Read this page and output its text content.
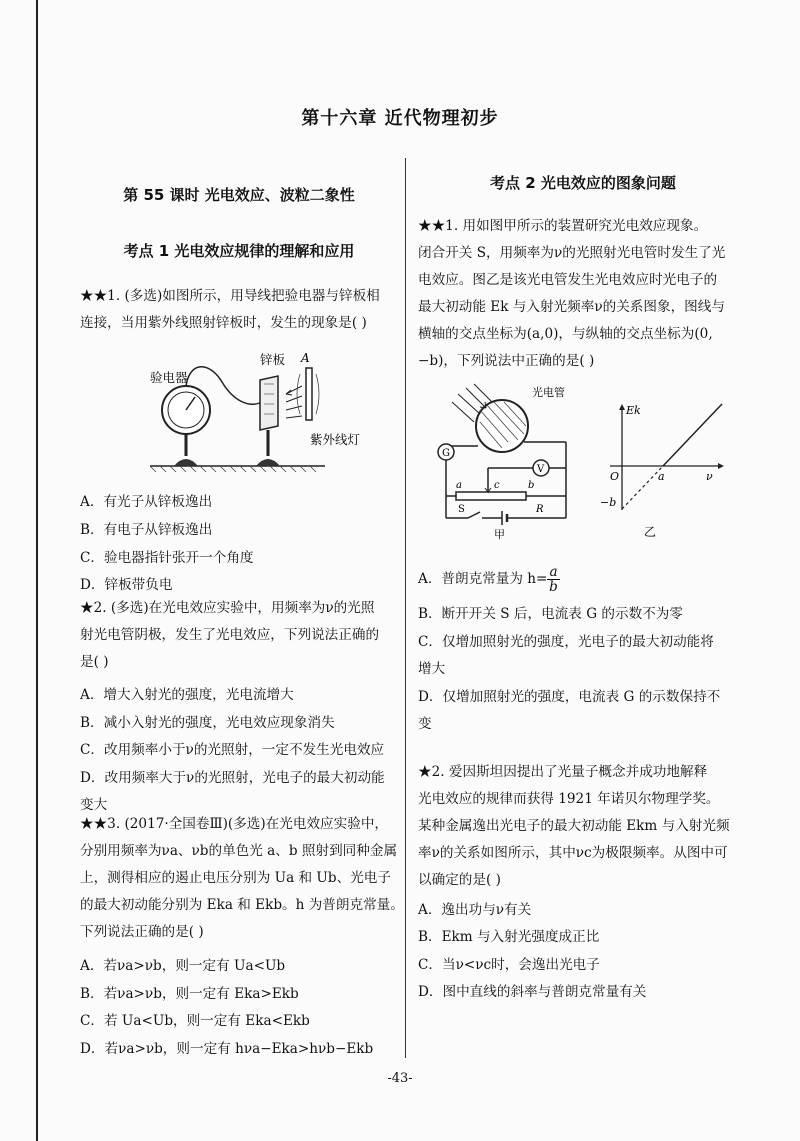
第十六章 近代物理初步
第 55 课时 光电效应、波粒二象性
考点 1 光电效应规律的理解和应用
★★1. (多选)如图所示，用导线把验电器与锌板相
连接，当用紫外线照射锌板时，发生的现象是( )
A
验电器
锌板
紫外线灯
A．有光子从锌板逸出
B．有电子从锌板逸出
C．验电器指针张开一个角度
D．锌板带负电
★2. (多选)在光电效应实验中，用频率为ν的光照
射光电管阴极，发生了光电效应，下列说法正确的
是( )
A．增大入射光的强度，光电流增大
B．减小入射光的强度，光电效应现象消失
C．改用频率小于ν的光照射，一定不发生光电效应
D．改用频率大于ν的光照射，光电子的最大初动能
变大
★★3. (2017·全国卷Ⅲ)(多选)在光电效应实验中，
分别用频率为νa、νb的单色光 a、b 照射到同种金属
上，测得相应的遏止电压分别为 Ua 和 Ub、光电子
的最大初动能分别为 Eka 和 Ekb。h 为普朗克常量。
下列说法正确的是( )
A．若νa>νb，则一定有 Ua<Ub
B．若νa>νb，则一定有 Eka>Ekb
C．若 Ua<Ub，则一定有 Eka<Ekb
D．若νa>νb，则一定有 hνa−Eka>hνb−Ekb
考点 2 光电效应的图象问题
★★1. 用如图甲所示的装置研究光电效应现象。
闭合开关 S，用频率为ν的光照射光电管时发生了光
电效应。图乙是该光电管发生光电效应时光电子的
最大初动能 Ek 与入射光频率ν的关系图象，图线与
横轴的交点坐标为(a,0)，与纵轴的交点坐标为(0,
−b)，下列说法中正确的是( )
G
V
a	b
c
S	R
甲
光电管
Ek
O	a	ν
−b
乙
A．普朗克常量为 $h= \frac{a}{b}$
B．断开开关 S 后，电流表 G 的示数不为零
C．仅增加照射光的强度，光电子的最大初动能将
增大
D．仅增加照射光的强度，电流表 G 的示数保持不
变
★2. 爱因斯坦因提出了光量子概念并成功地解释
光电效应的规律而获得 1921 年诺贝尔物理学奖。
某种金属逸出光电子的最大初动能 Ekm 与入射光频
率ν的关系如图所示，其中νc为极限频率。从图中可
以确定的是( )
A．逸出功与ν有关
B．Ekm 与入射光强度成正比
C．当ν<νc时，会逸出光电子
D．图中直线的斜率与普朗克常量有关
-43-
